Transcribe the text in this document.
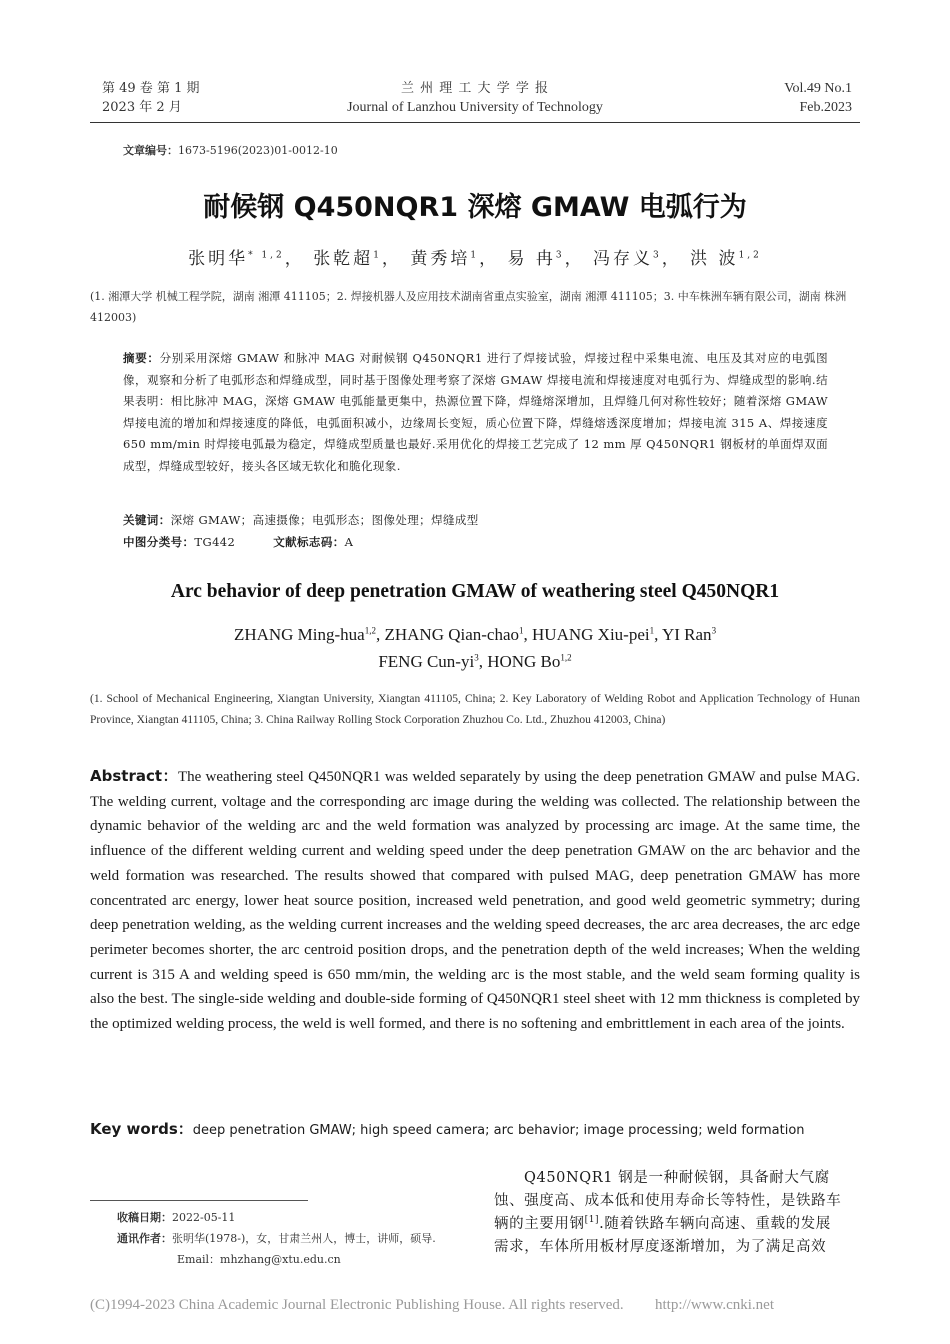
第 49 卷 第 1 期
2023 年 2 月
兰 州 理 工 大 学 学 报
Journal of Lanzhou University of Technology
Vol.49 No.1
Feb.2023
文章编号：1673-5196(2023)01-0012-10
耐候钢 Q450NQR1 深熔 GMAW 电弧行为
张明华$^{* 1,2}$， 张乾超$^1$， 黄秀培$^1$， 易 冉$^3$， 冯存义$^3$， 洪 波$^{1,2}$
(1. 湘潭大学 机械工程学院，湖南 湘潭 411105；2. 焊接机器人及应用技术湖南省重点实验室，湖南 湘潭 411105；3. 中车株洲车辆有限公司，湖南 株洲 412003)
摘要：分别采用深熔 GMAW 和脉冲 MAG 对耐候钢 Q450NQR1 进行了焊接试验，焊接过程中采集电流、电压及其对应的电弧图像，观察和分析了电弧形态和焊缝成型，同时基于图像处理考察了深熔 GMAW 焊接电流和焊接速度对电弧行为、焊缝成型的影响.结果表明：相比脉冲 MAG，深熔 GMAW 电弧能量更集中，热源位置下降，焊缝熔深增加，且焊缝几何对称性较好；随着深熔 GMAW 焊接电流的增加和焊接速度的降低，电弧面积减小，边缘周长变短，质心位置下降，焊缝熔透深度增加；焊接电流 315 A、焊接速度 650 mm/min 时焊接电弧最为稳定，焊缝成型质量也最好.采用优化的焊接工艺完成了 12 mm 厚 Q450NQR1 钢板材的单面焊双面成型，焊缝成型较好，接头各区域无软化和脆化现象.
关键词：深熔 GMAW；高速摄像；电弧形态；图像处理；焊缝成型
中图分类号：TG442	文献标志码：A
Arc behavior of deep penetration GMAW of weathering steel Q450NQR1
ZHANG Ming-hua$^{1,2}$, ZHANG Qian-chao$^1$, HUANG Xiu-pei$^1$, YI Ran$^3$
FENG Cun-$yi^3$, HONG Bo$^{1,2}$
(1. School of Mechanical Engineering, Xiangtan University, Xiangtan 411105, China; 2. Key Laboratory of Welding Robot and Application Technology of Hunan Province, Xiangtan 411105, China; 3. China Railway Rolling Stock Corporation Zhuzhou Co. Ltd., Zhuzhou 412003, China)
Abstract：The weathering steel Q450NQR1 was welded separately by using the deep penetration GMAW and pulse MAG. The welding current, voltage and the corresponding arc image during the welding was collected. The relationship between the dynamic behavior of the welding arc and the weld formation was analyzed by processing arc image. At the same time, the influence of the different welding current and welding speed under the deep penetration GMAW on the arc behavior and the weld formation was researched. The results showed that compared with pulsed MAG, deep penetration GMAW has more concentrated arc energy, lower heat source position, increased weld penetration, and good weld geometric symmetry; during deep penetration welding, as the welding current increases and the welding speed decreases, the arc area decreases, the arc edge perimeter becomes shorter, the arc centroid position drops, and the penetration depth of the weld increases; When the welding current is 315 A and welding speed is 650 mm/min, the welding arc is the most stable, and the weld seam forming quality is also the best. The single-side welding and double-side forming of Q450NQR1 steel sheet with 12 mm thickness is completed by the optimized welding process, the weld is well formed, and there is no softening and embrittlement in each area of the joints.
Key words：deep penetration GMAW; high speed camera; arc behavior; image processing; weld formation
收稿日期：2022-05-11
通讯作者：张明华(1978-)，女，甘肃兰州人，博士，讲师，硕导.
Email：mhzhang@xtu.edu.cn
Q450NQR1 钢是一种耐候钢，具备耐大气腐
蚀、强度高、成本低和使用寿命长等特性，是铁路车
辆的主要用钢[1].随着铁路车辆向高速、重载的发展
需求，车体所用板材厚度逐渐增加，为了满足高效
(C)1994-2023 China Academic Journal Electronic Publishing House. All rights reserved. http://www.cnki.net
